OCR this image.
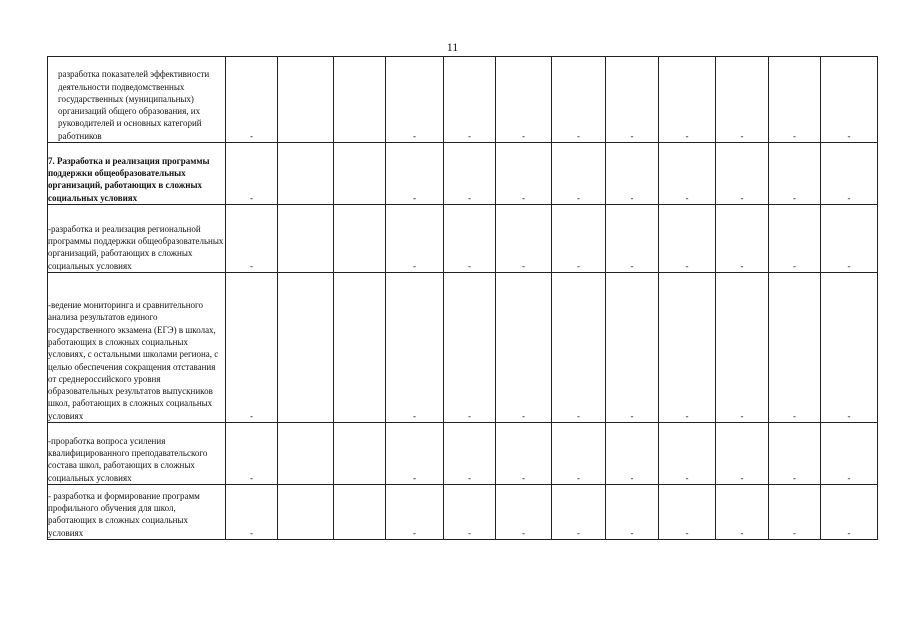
11
разработка показателей эффективности деятельности подведомственных государственных (муниципальных) организаций общего образования, их руководителей и основных категорий работников	-			-	-	-	-	-	-	-	-	-
7. Разработка и реализация программы поддержки общеобразовательных организаций, работающих в сложных социальных условиях	-			-	-	-	-	-	-	-	-	-
-разработка и реализация региональной программы поддержки общеобразовательных организаций, работающих в сложных социальных условиях	-			-	-	-	-	-	-	-	-	-
-ведение мониторинга и сравнительного анализа результатов единого государственного экзамена (ЕГЭ) в школах, работающих в сложных социальных условиях, с остальными школами региона, с целью обеспечения сокращения отставания от среднероссийского уровня образовательных результатов выпускников школ, работающих в сложных социальных условиях	-			-	-	-	-	-	-	-	-	-
-проработка вопроса усиления квалифицированного преподавательского состава школ, работающих в сложных социальных условиях	-			-	-	-	-	-	-	-	-	-
- разработка и формирование программ профильного обучения для школ, работающих в сложных социальных условиях	-			-	-	-	-	-	-	-	-	-
